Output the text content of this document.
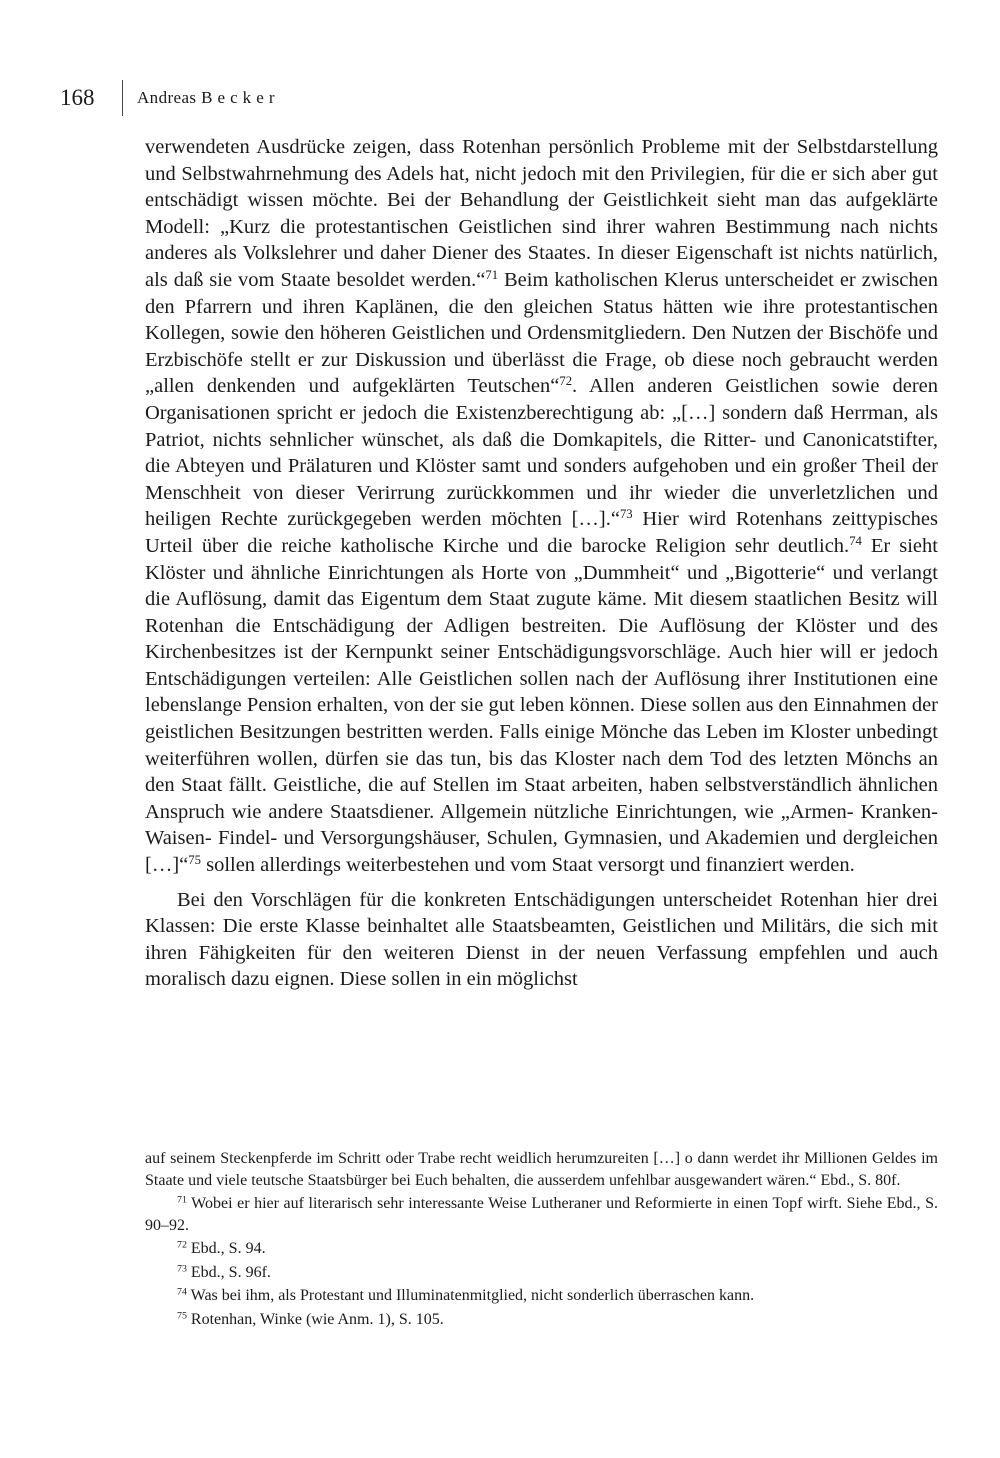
168	Andreas B e c k e r

verwendeten Ausdrücke zeigen, dass Rotenhan persönlich Probleme mit der Selbstdarstellung und Selbstwahrnehmung des Adels hat, nicht jedoch mit den Privilegien, für die er sich aber gut entschädigt wissen möchte. Bei der Behandlung der Geistlichkeit sieht man das aufgeklärte Modell: „Kurz die protestantischen Geistlichen sind ihrer wahren Bestimmung nach nichts anderes als Volkslehrer und daher Diener des Staates. In dieser Eigenschaft ist nichts natürlich, als daß sie vom Staate besoldet werden.“$^{71}$ Beim katholischen Klerus unterscheidet er zwischen den Pfarrern und ihren Kaplänen, die den gleichen Status hätten wie ihre protestantischen Kollegen, sowie den höheren Geistlichen und Ordensmitgliedern. Den Nutzen der Bischöfe und Erzbischöfe stellt er zur Diskussion und überlässt die Frage, ob diese noch gebraucht werden „allen denkenden und aufgeklärten Teutschen“$^{72}$. Allen anderen Geistlichen sowie deren Organisationen spricht er jedoch die Existenzberechtigung ab: „[…] sondern daß Herrman, als Patriot, nichts sehnlicher wünschet, als daß die Domkapitels, die Ritter- und Canonicatstifter, die Abteyen und Prälaturen und Klöster samt und sonders aufgehoben und ein großer Theil der Menschheit von dieser Verirrung zurückkommen und ihr wieder die unverletzlichen und heiligen Rechte zurückgegeben werden möchten […].“$^{73}$ Hier wird Rotenhans zeittypisches Urteil über die reiche katholische Kirche und die barocke Religion sehr deutlich.$^{74}$ Er sieht Klöster und ähnliche Einrichtungen als Horte von „Dummheit“ und „Bigotterie“ und verlangt die Auflösung, damit das Eigentum dem Staat zugute käme. Mit diesem staatlichen Besitz will Rotenhan die Entschädigung der Adligen bestreiten. Die Auflösung der Klöster und des Kirchenbesitzes ist der Kernpunkt seiner Entschädigungsvorschläge. Auch hier will er jedoch Entschädigungen verteilen: Alle Geistlichen sollen nach der Auflösung ihrer Institutionen eine lebenslange Pension erhalten, von der sie gut leben können. Diese sollen aus den Einnahmen der geistlichen Besitzungen bestritten werden. Falls einige Mönche das Leben im Kloster unbedingt weiterführen wollen, dürfen sie das tun, bis das Kloster nach dem Tod des letzten Mönchs an den Staat fällt. Geistliche, die auf Stellen im Staat arbeiten, haben selbstverständlich ähnlichen Anspruch wie andere Staatsdiener. Allgemein nützliche Einrichtungen, wie „Armen- Kranken- Waisen- Findel- und Versorgungshäuser, Schulen, Gymnasien, und Akademien und dergleichen […]“$^{75}$ sollen allerdings weiterbestehen und vom Staat versorgt und finanziert werden.

Bei den Vorschlägen für die konkreten Entschädigungen unterscheidet Rotenhan hier drei Klassen: Die erste Klasse beinhaltet alle Staatsbeamten, Geistlichen und Militärs, die sich mit ihren Fähigkeiten für den weiteren Dienst in der neuen Verfassung empfehlen und auch moralisch dazu eignen. Diese sollen in ein möglichst

auf seinem Steckenpferde im Schritt oder Trabe recht weidlich herumzureiten […] o dann werdet ihr Millionen Geldes im Staate und viele teutsche Staatsbürger bei Euch behalten, die ausserdem unfehlbar ausgewandert wären.“ Ebd., S. 80f.

$^{71}$ Wobei er hier auf literarisch sehr interessante Weise Lutheraner und Reformierte in einen Topf wirft. Siehe Ebd., S. 90–92.

$^{72}$ Ebd., S. 94.

$^{73}$ Ebd., S. 96f.

$^{74}$ Was bei ihm, als Protestant und Illuminatenmitglied, nicht sonderlich überraschen kann.

$^{75}$ Rotenhan, Winke (wie Anm. 1), S. 105.
